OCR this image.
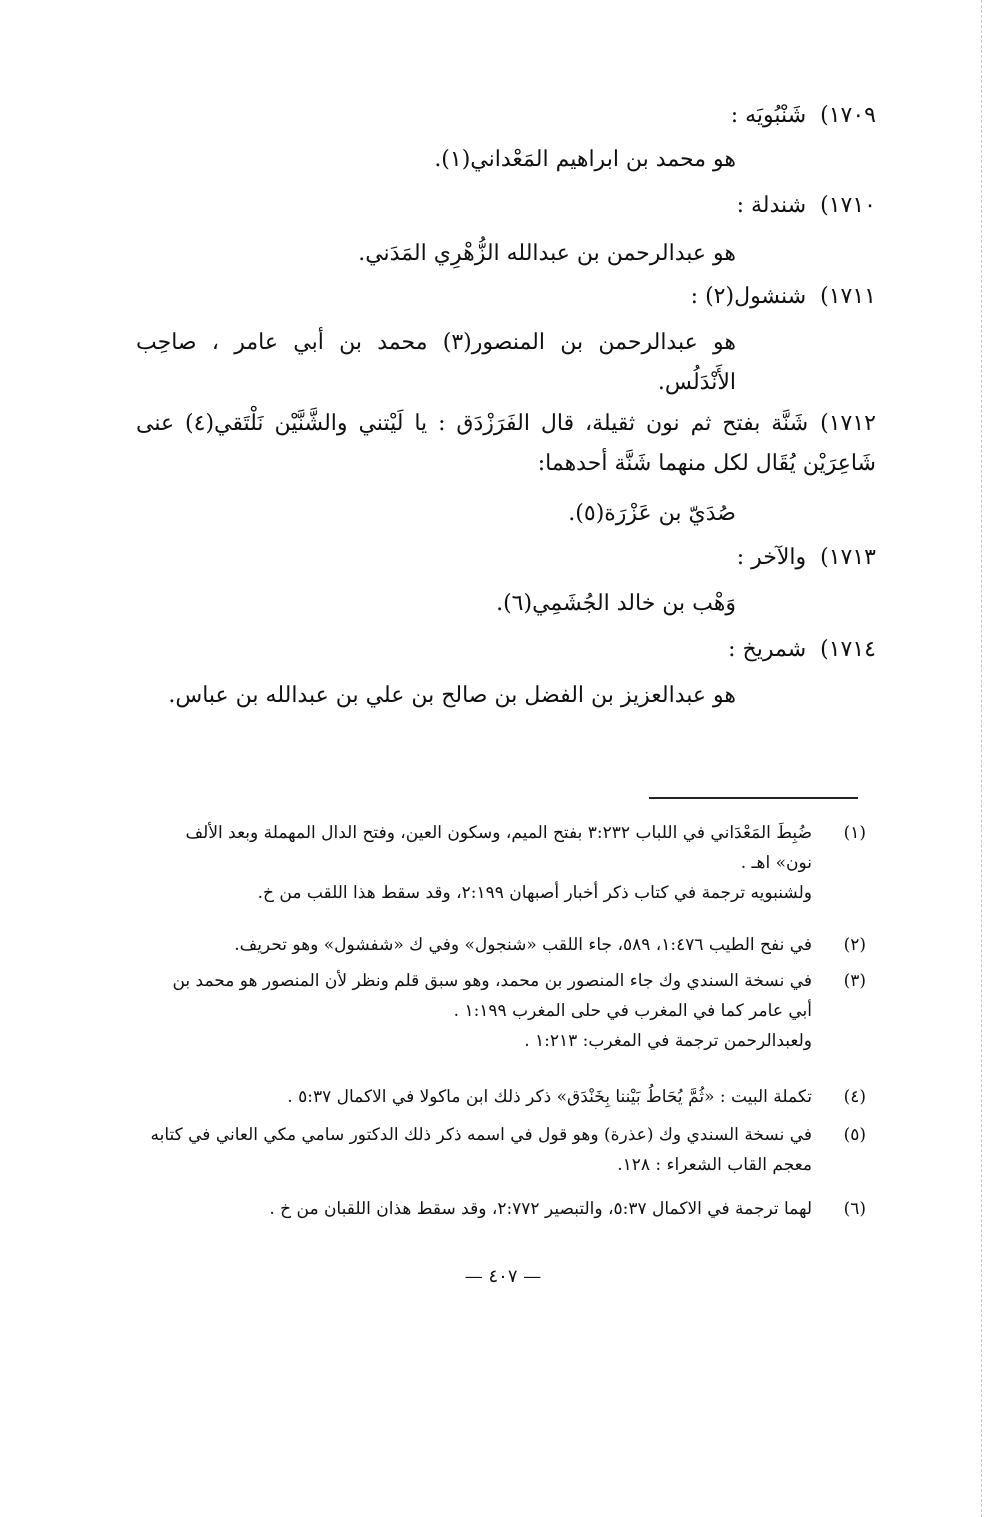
١٧٠٩)شَنْبُويَه :
هو محمد بن ابراهيم المَعْداني(١).
١٧١٠)شندلة :
هو عبدالرحمن بن عبدالله الزُّهْرِي المَدَني.
١٧١١)شنشول(٢) :
هو عبدالرحمن بن المنصور(٣) محمد بن أبي عامر ، صاحِب الأَنْدَلُس.
١٧١٢)شَنَّة بفتح ثم نون ثقيلة، قال الفَرَزْدَق : يا لَيْتني والشَّنَّيْن نَلْتَقي(٤) عنى شَاعِرَيْن يُقَال لكل منهما شَنَّة أحدهما:
صُدَيّ بن عَزْرَة(٥).
١٧١٣)والآخر :
وَهْب بن خالد الجُشَمِي(٦).
١٧١٤)شمريخ :
هو عبدالعزيز بن الفضل بن صالح بن علي بن عبدالله بن عباس.
(١)
ضُبِطَ المَعْدَاني في اللباب ٣:٢٣٢ بفتح الميم، وسكون العين، وفتح الدال المهملة وبعد الألف نون» اهـ .
ولشنبويه ترجمة في كتاب ذكر أخبار أصبهان ٢:١٩٩، وقد سقط هذا اللقب من خ.
(٢)
في نفح الطيب ١:٤٧٦، ٥٨٩، جاء اللقب «شنجول» وفي ك «شفشول» وهو تحريف.
(٣)
في نسخة السندي وك جاء المنصور بن محمد، وهو سبق قلم ونظر لأن المنصور هو محمد بن أبي عامر كما في المغرب في حلى المغرب ١:١٩٩ .
ولعبدالرحمن ترجمة في المغرب: ١:٢١٣ .
(٤)
تكملة البيت : «ثُمَّ يُحَاطُ بَيْننا بِخَنْدَق» ذكر ذلك ابن ماكولا في الاكمال ٥:٣٧ .
(٥)
في نسخة السندي وك (عذرة) وهو قول في اسمه ذكر ذلك الدكتور سامي مكي العاني في كتابه معجم القاب الشعراء : ١٢٨.
(٦)
لهما ترجمة في الاكمال ٥:٣٧، والتبصير ٢:٧٧٢، وقد سقط هذان اللقبان من خ .
— ٤٠٧ —
